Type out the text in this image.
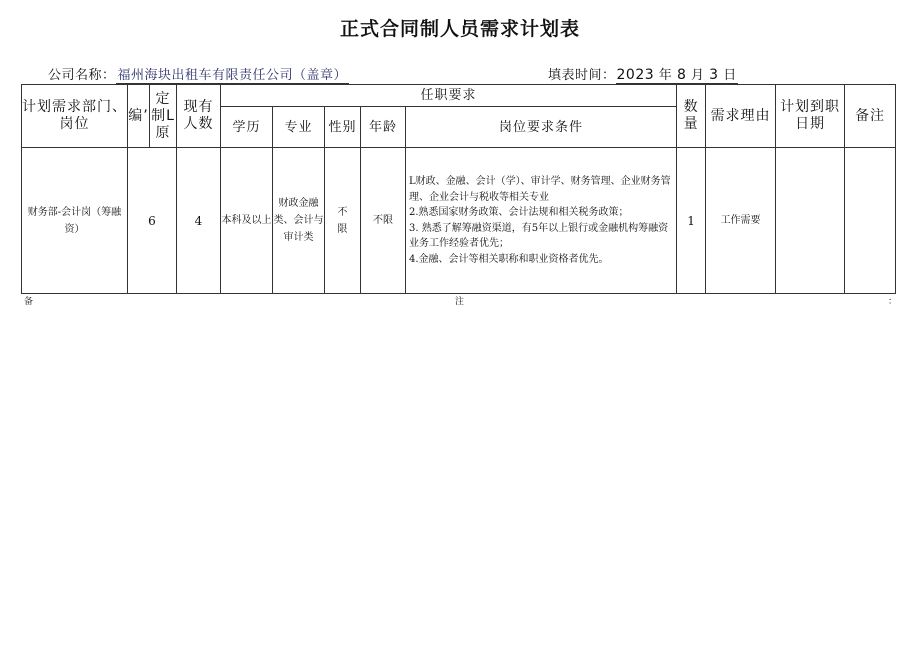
正式合同制人员需求计划表
公司名称： 福州海块出租车有限责任公司（盖章）	填表时间：2023 年 8 月 3 日
计划需求部门、岗位	编’	定制L原	现有人数	任职要求					数量	需求理由	计划到职日期	备注
				学历	专业	性别	年龄	岗位要求条件				
财务部-会计岗（筹融资）	6		4	本科及以上	财政金融类、会计与审计类	不限	不限	L财政、金融、会计（学）、审计学、财务管理、企业财务管理、企业会计与税收等相关专业
2.熟悉国家财务政策、会计法规和相关税务政策；
3. 熟悉了解筹融资渠道，有5年以上银行或金融机构筹融资业务工作经验者优先；
4.金融、会计等相关职称和职业资格者优先。	1	工作需要		
备	注	：
